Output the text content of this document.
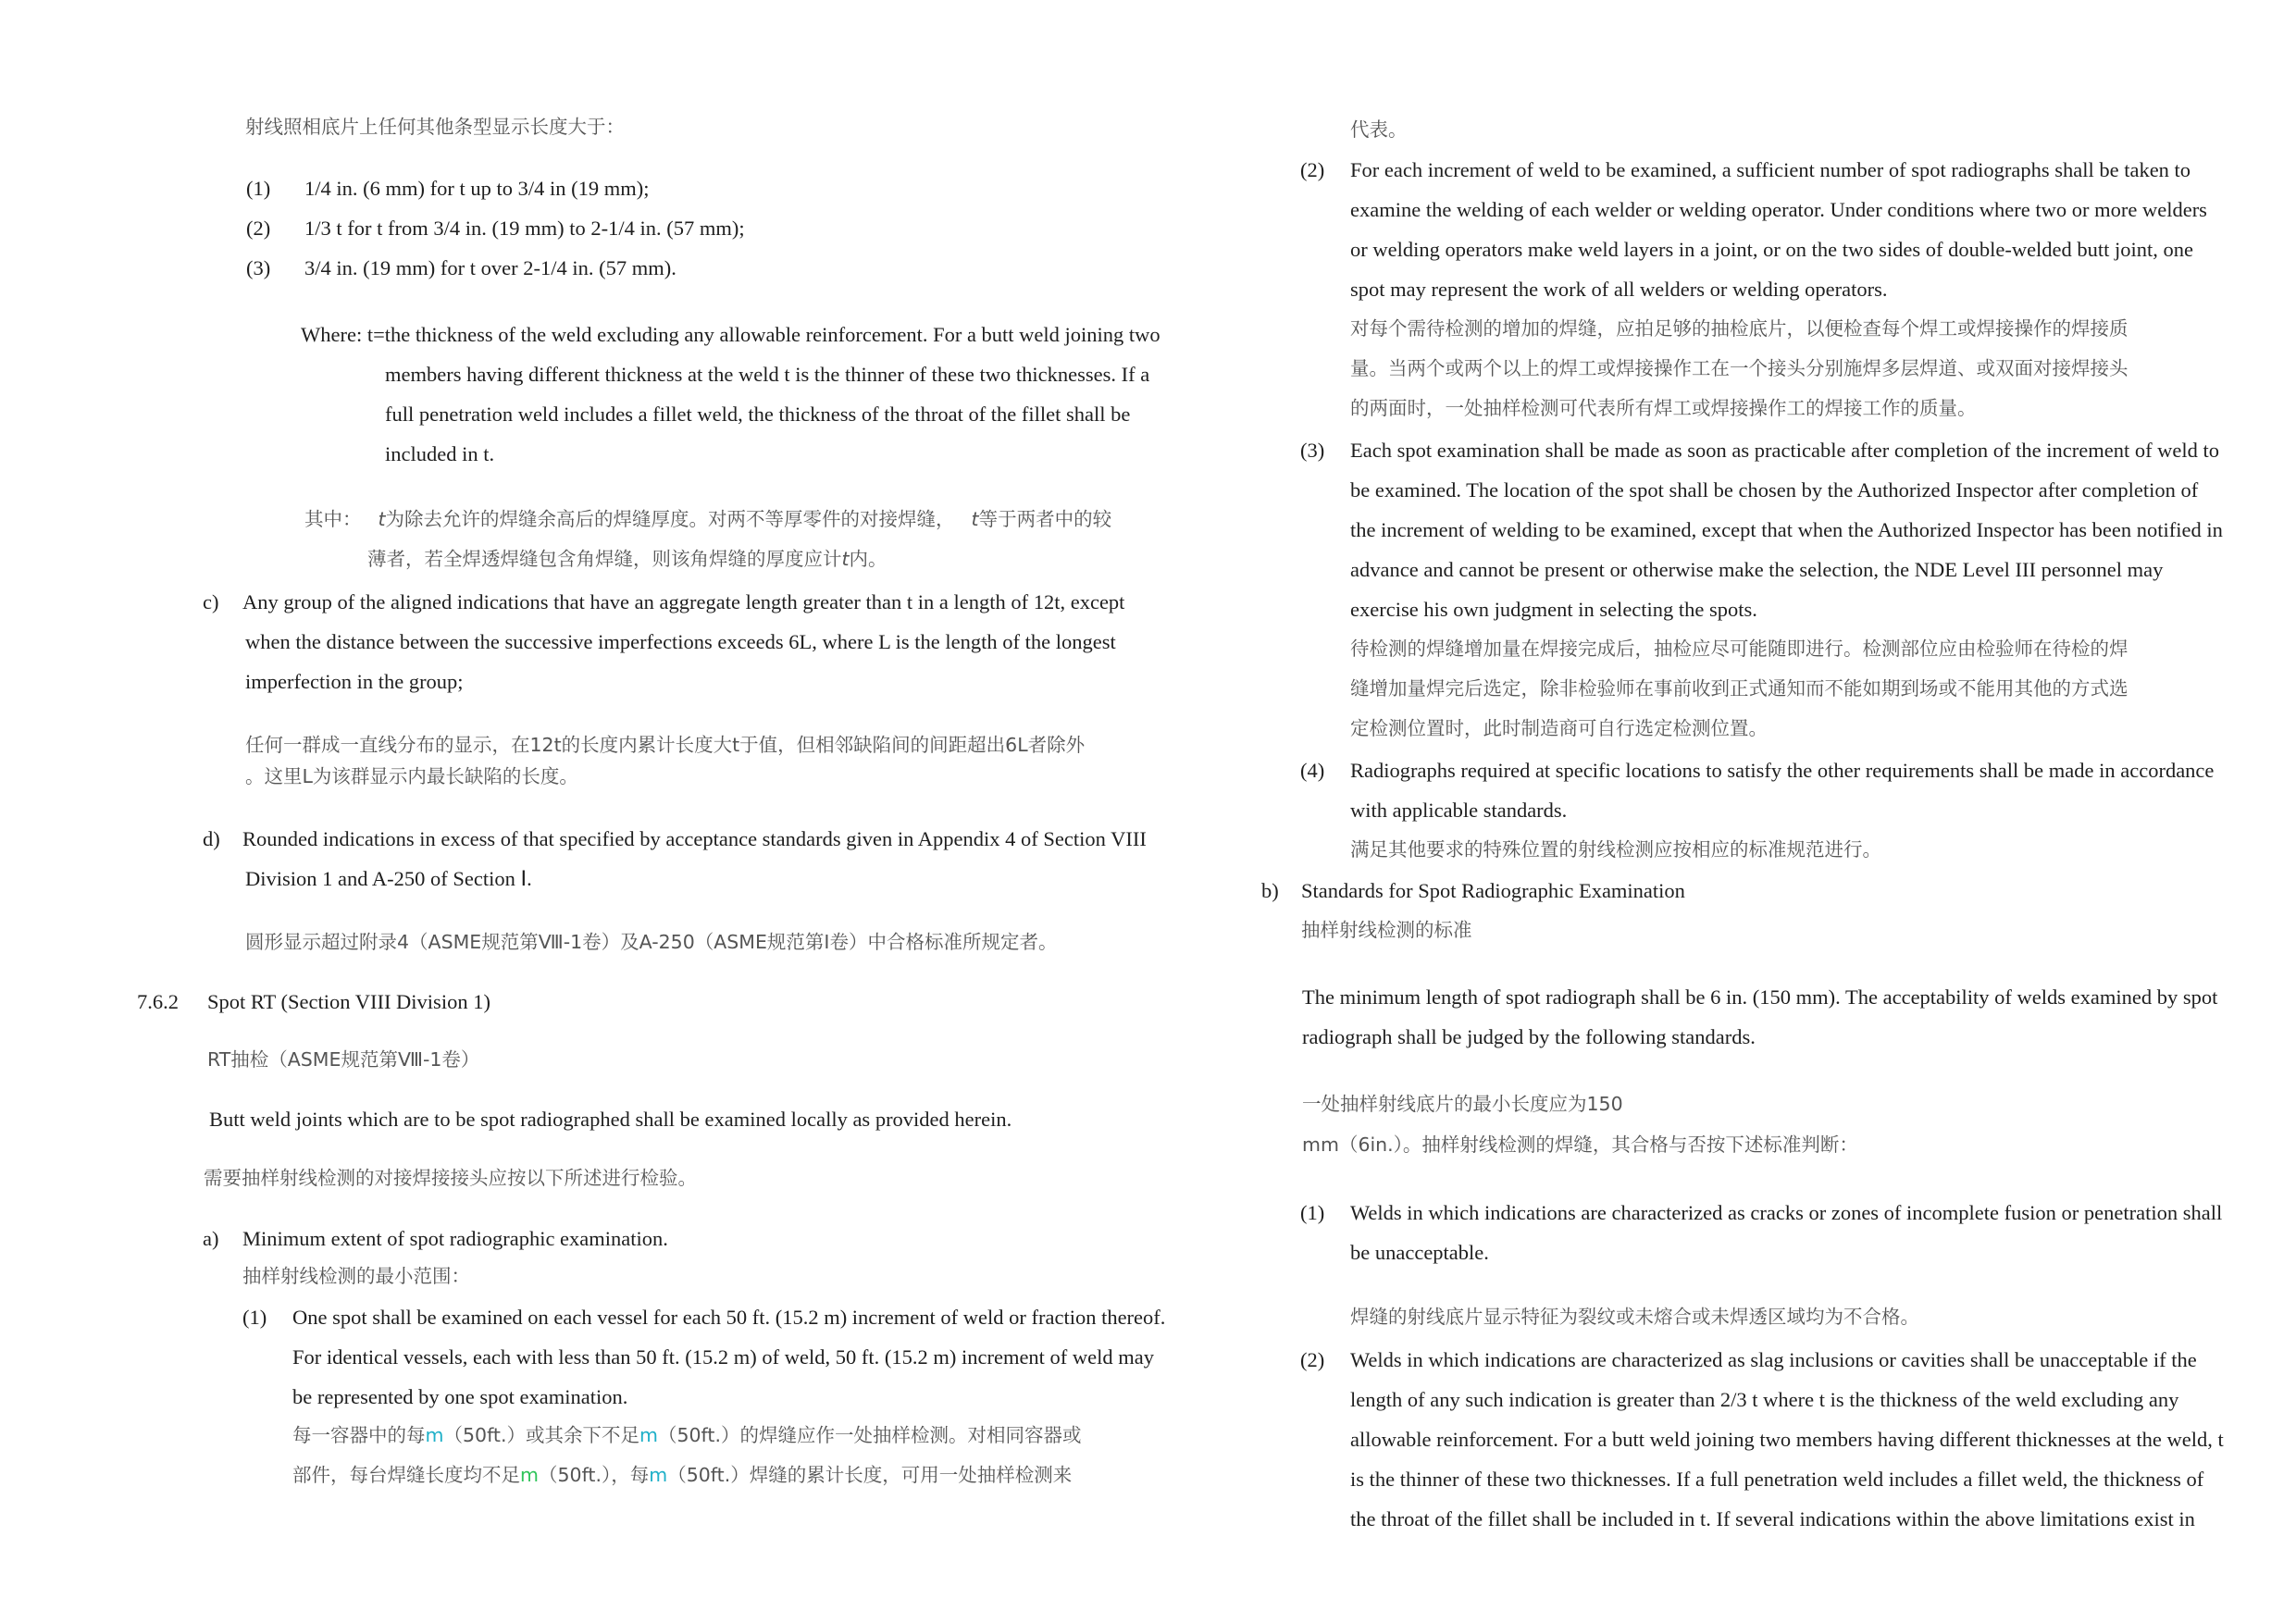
射线照相底片上任何其他条型显示长度大于：
(1) 1/4 in. (6 mm) for t up to 3/4 in (19 mm);
(2) 1/3 t for t from 3/4 in. (19 mm) to 2-1/4 in. (57 mm);
(3) 3/4 in. (19 mm) for t over 2-1/4 in. (57 mm).
Where: t=the thickness of the weld excluding any allowable reinforcement. For a butt weld joining two
members having different thickness at the weld t is the thinner of these two thicknesses. If a
full penetration weld includes a fillet weld, the thickness of the throat of the fillet shall be
included in t.
其中： t为除去允许的焊缝余高后的焊缝厚度。对两不等厚零件的对接焊缝， t等于两者中的较
薄者，若全焊透焊缝包含角焊缝，则该角焊缝的厚度应计t内。
c) Any group of the aligned indications that have an aggregate length greater than t in a length of 12t, except
when the distance between the successive imperfections exceeds 6L, where L is the length of the longest
imperfection in the group;
任何一群成一直线分布的显示，在12t的长度内累计长度大t于值，但相邻缺陷间的间距超出6L者除外
。这里L为该群显示内最长缺陷的长度。
d) Rounded indications in excess of that specified by acceptance standards given in Appendix 4 of Section VIII
Division 1 and A-250 of Section Ⅰ.
圆形显示超过附录4（ASME规范第Ⅷ-1卷）及A-250（ASME规范第Ⅰ卷）中合格标准所规定者。
7.6.2 Spot RT (Section VIII Division 1)
RT抽检（ASME规范第Ⅷ-1卷）
Butt weld joints which are to be spot radiographed shall be examined locally as provided herein.
需要抽样射线检测的对接焊接接头应按以下所述进行检验。
a) Minimum extent of spot radiographic examination.
抽样射线检测的最小范围：
(1) One spot shall be examined on each vessel for each 50 ft. (15.2 m) increment of weld or fraction thereof.
For identical vessels, each with less than 50 ft. (15.2 m) of weld, 50 ft. (15.2 m) increment of weld may
be represented by one spot examination.
每一容器中的每m（50ft.）或其余下不足m（50ft.）的焊缝应作一处抽样检测。对相同容器或
部件，每台焊缝长度均不足m（50ft.），每m（50ft.）焊缝的累计长度，可用一处抽样检测来
代表。
(2) For each increment of weld to be examined, a sufficient number of spot radiographs shall be taken to
examine the welding of each welder or welding operator. Under conditions where two or more welders
or welding operators make weld layers in a joint, or on the two sides of double-welded butt joint, one
spot may represent the work of all welders or welding operators.
对每个需待检测的增加的焊缝，应拍足够的抽检底片，以便检查每个焊工或焊接操作的焊接质
量。当两个或两个以上的焊工或焊接操作工在一个接头分别施焊多层焊道、或双面对接焊接头
的两面时，一处抽样检测可代表所有焊工或焊接操作工的焊接工作的质量。
(3) Each spot examination shall be made as soon as practicable after completion of the increment of weld to
be examined. The location of the spot shall be chosen by the Authorized Inspector after completion of
the increment of welding to be examined, except that when the Authorized Inspector has been notified in
advance and cannot be present or otherwise make the selection, the NDE Level III personnel may
exercise his own judgment in selecting the spots.
待检测的焊缝增加量在焊接完成后，抽检应尽可能随即进行。检测部位应由检验师在待检的焊
缝增加量焊完后选定，除非检验师在事前收到正式通知而不能如期到场或不能用其他的方式选
定检测位置时，此时制造商可自行选定检测位置。
(4) Radiographs required at specific locations to satisfy the other requirements shall be made in accordance
with applicable standards.
满足其他要求的特殊位置的射线检测应按相应的标准规范进行。
b) Standards for Spot Radiographic Examination
抽样射线检测的标准
The minimum length of spot radiograph shall be 6 in. (150 mm). The acceptability of welds examined by spot
radiograph shall be judged by the following standards.
一处抽样射线底片的最小长度应为150
mm（6in.）。抽样射线检测的焊缝，其合格与否按下述标准判断：
(1) Welds in which indications are characterized as cracks or zones of incomplete fusion or penetration shall
be unacceptable.
焊缝的射线底片显示特征为裂纹或未熔合或未焊透区域均为不合格。
(2) Welds in which indications are characterized as slag inclusions or cavities shall be unacceptable if the
length of any such indication is greater than 2/3 t where t is the thickness of the weld excluding any
allowable reinforcement. For a butt weld joining two members having different thicknesses at the weld, t
is the thinner of these two thicknesses. If a full penetration weld includes a fillet weld, the thickness of
the throat of the fillet shall be included in t. If several indications within the above limitations exist in
